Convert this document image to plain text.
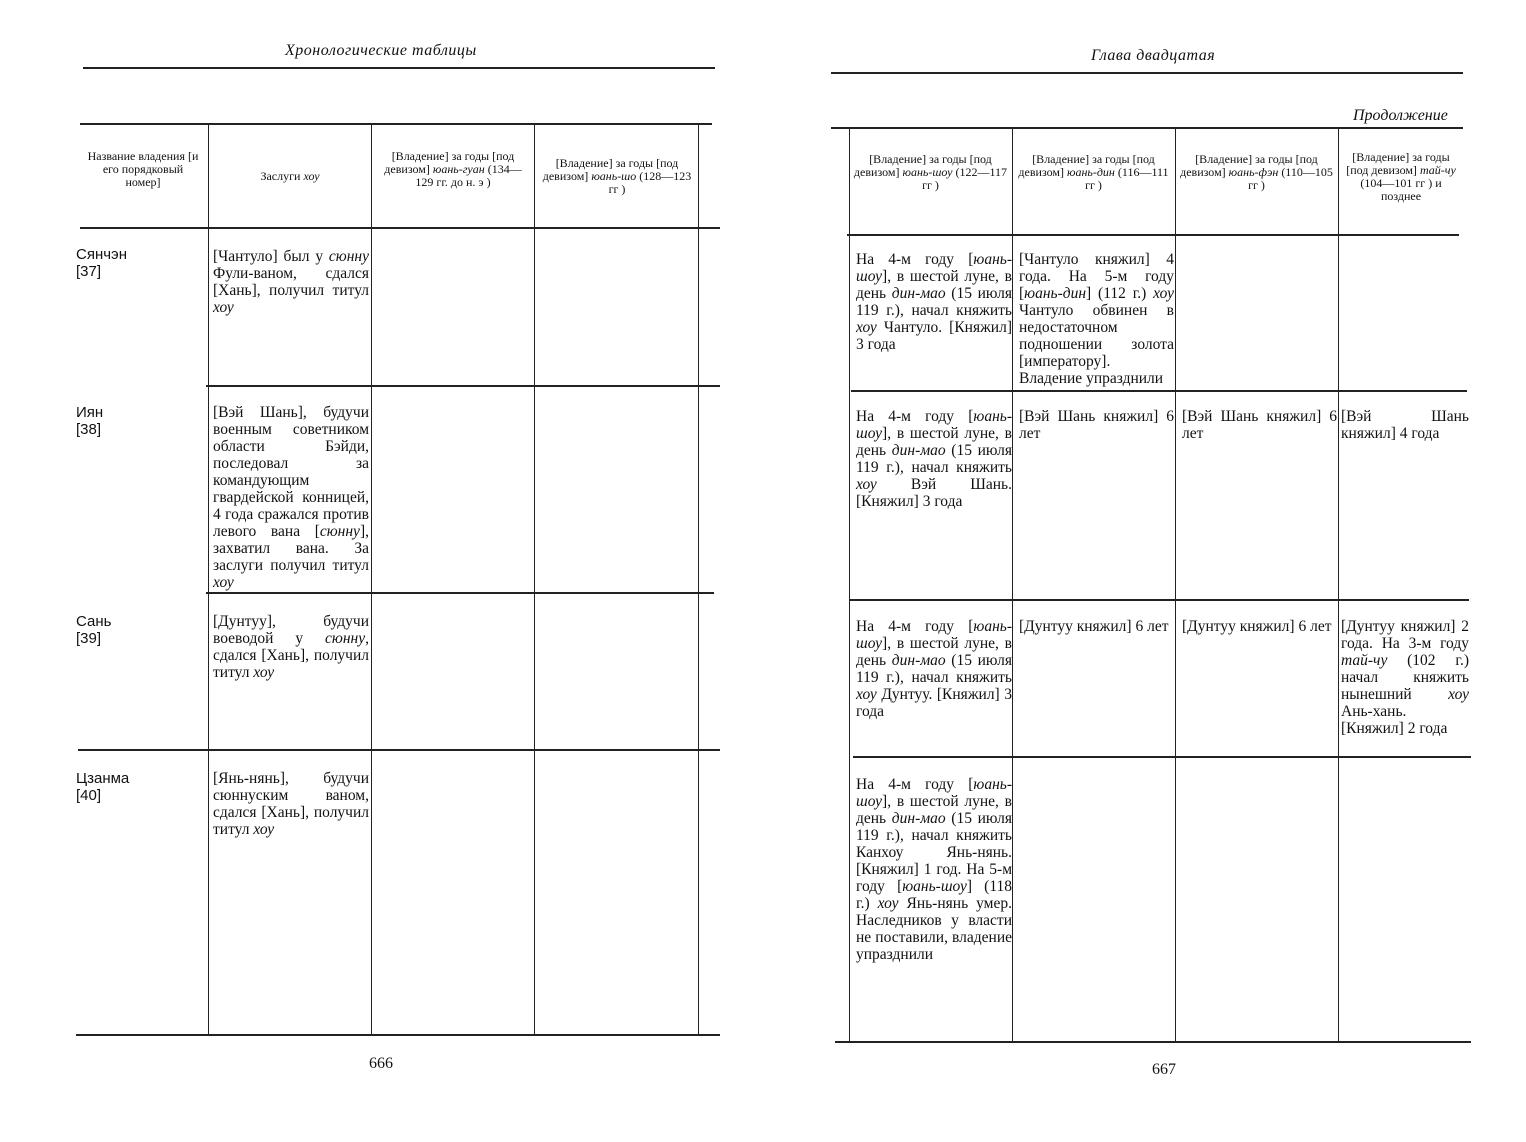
Хронологические таблицы
Название владения [и его порядковый номер]	Заслуги хоу
[Владение] за годы [под девизом] юань-гуан (134—129 гг. до н. э )
[Владение] за годы [под девизом] юань-шо (128—123 гг )
Сянчэн
[37]
Иян
[38]
Сань
[39]
Цзанма
[40]
[Чантуло] был у сюнну Фули-ваном, сдался [Хань], получил титул хоу
[Вэй Шань], будучи военным советником области Бэйди, последовал за командующим гвардейской конницей, 4 года сражался против левого вана [сюнну], захватил вана. За заслуги получил титул хоу
[Дунтуу], будучи воеводой у сюнну, сдался [Хань], получил титул хоу
[Янь-нянь], будучи сюннуским ваном, сдался [Хань], получил титул хоу
666
Глава двадцатая
Продолжение
[Владение] за годы [под девизом] юань-шоу (122—117 гг )
[Владение] за годы [под девизом] юань-дин (116—111 гг )
[Владение] за годы [под девизом] юань-фэн (110—105 гг )
[Владение] за годы [под девизом] тай-чу (104—101 гг ) и позднее
На 4-м году [юань-шоу], в шестой луне, в день дин-мао (15 июля 119 г.), начал княжить хоу Чантуло. [Княжил] 3 года
[Чантуло княжил] 4 года. На 5-м году [юань-дин] (112 г.) хоу Чантуло обвинен в недостаточном подношении золота [императору]. Владение упразднили
На 4-м году [юань-шоу], в шестой луне, в день дин-мао (15 июля 119 г.), начал княжить хоу Вэй Шань. [Княжил] 3 года
[Вэй Шань княжил] 6 лет
[Вэй Шань княжил] 6 лет
[Вэй Шань княжил] 4 года
На 4-м году [юань-шоу], в шестой луне, в день дин-мао (15 июля 119 г.), начал княжить хоу Дунтуу. [Княжил] 3 года
[Дунтуу княжил] 6 лет [Дунтуу княжил] 6 лет [Дунтуу княжил] 2 года. На 3-м году тай-чу (102 г.) начал княжить нынешний хоу Ань-хань. [Княжил] 2 года
На 4-м году [юань-шоу], в шестой луне, в день дин-мао (15 июля 119 г.), начал княжить Канхоу Янь-нянь. [Княжил] 1 год. На 5-м году [юань-шоу] (118 г.) хоу Янь-нянь умер. Наследников у власти не поставили, владение упразднили
667
